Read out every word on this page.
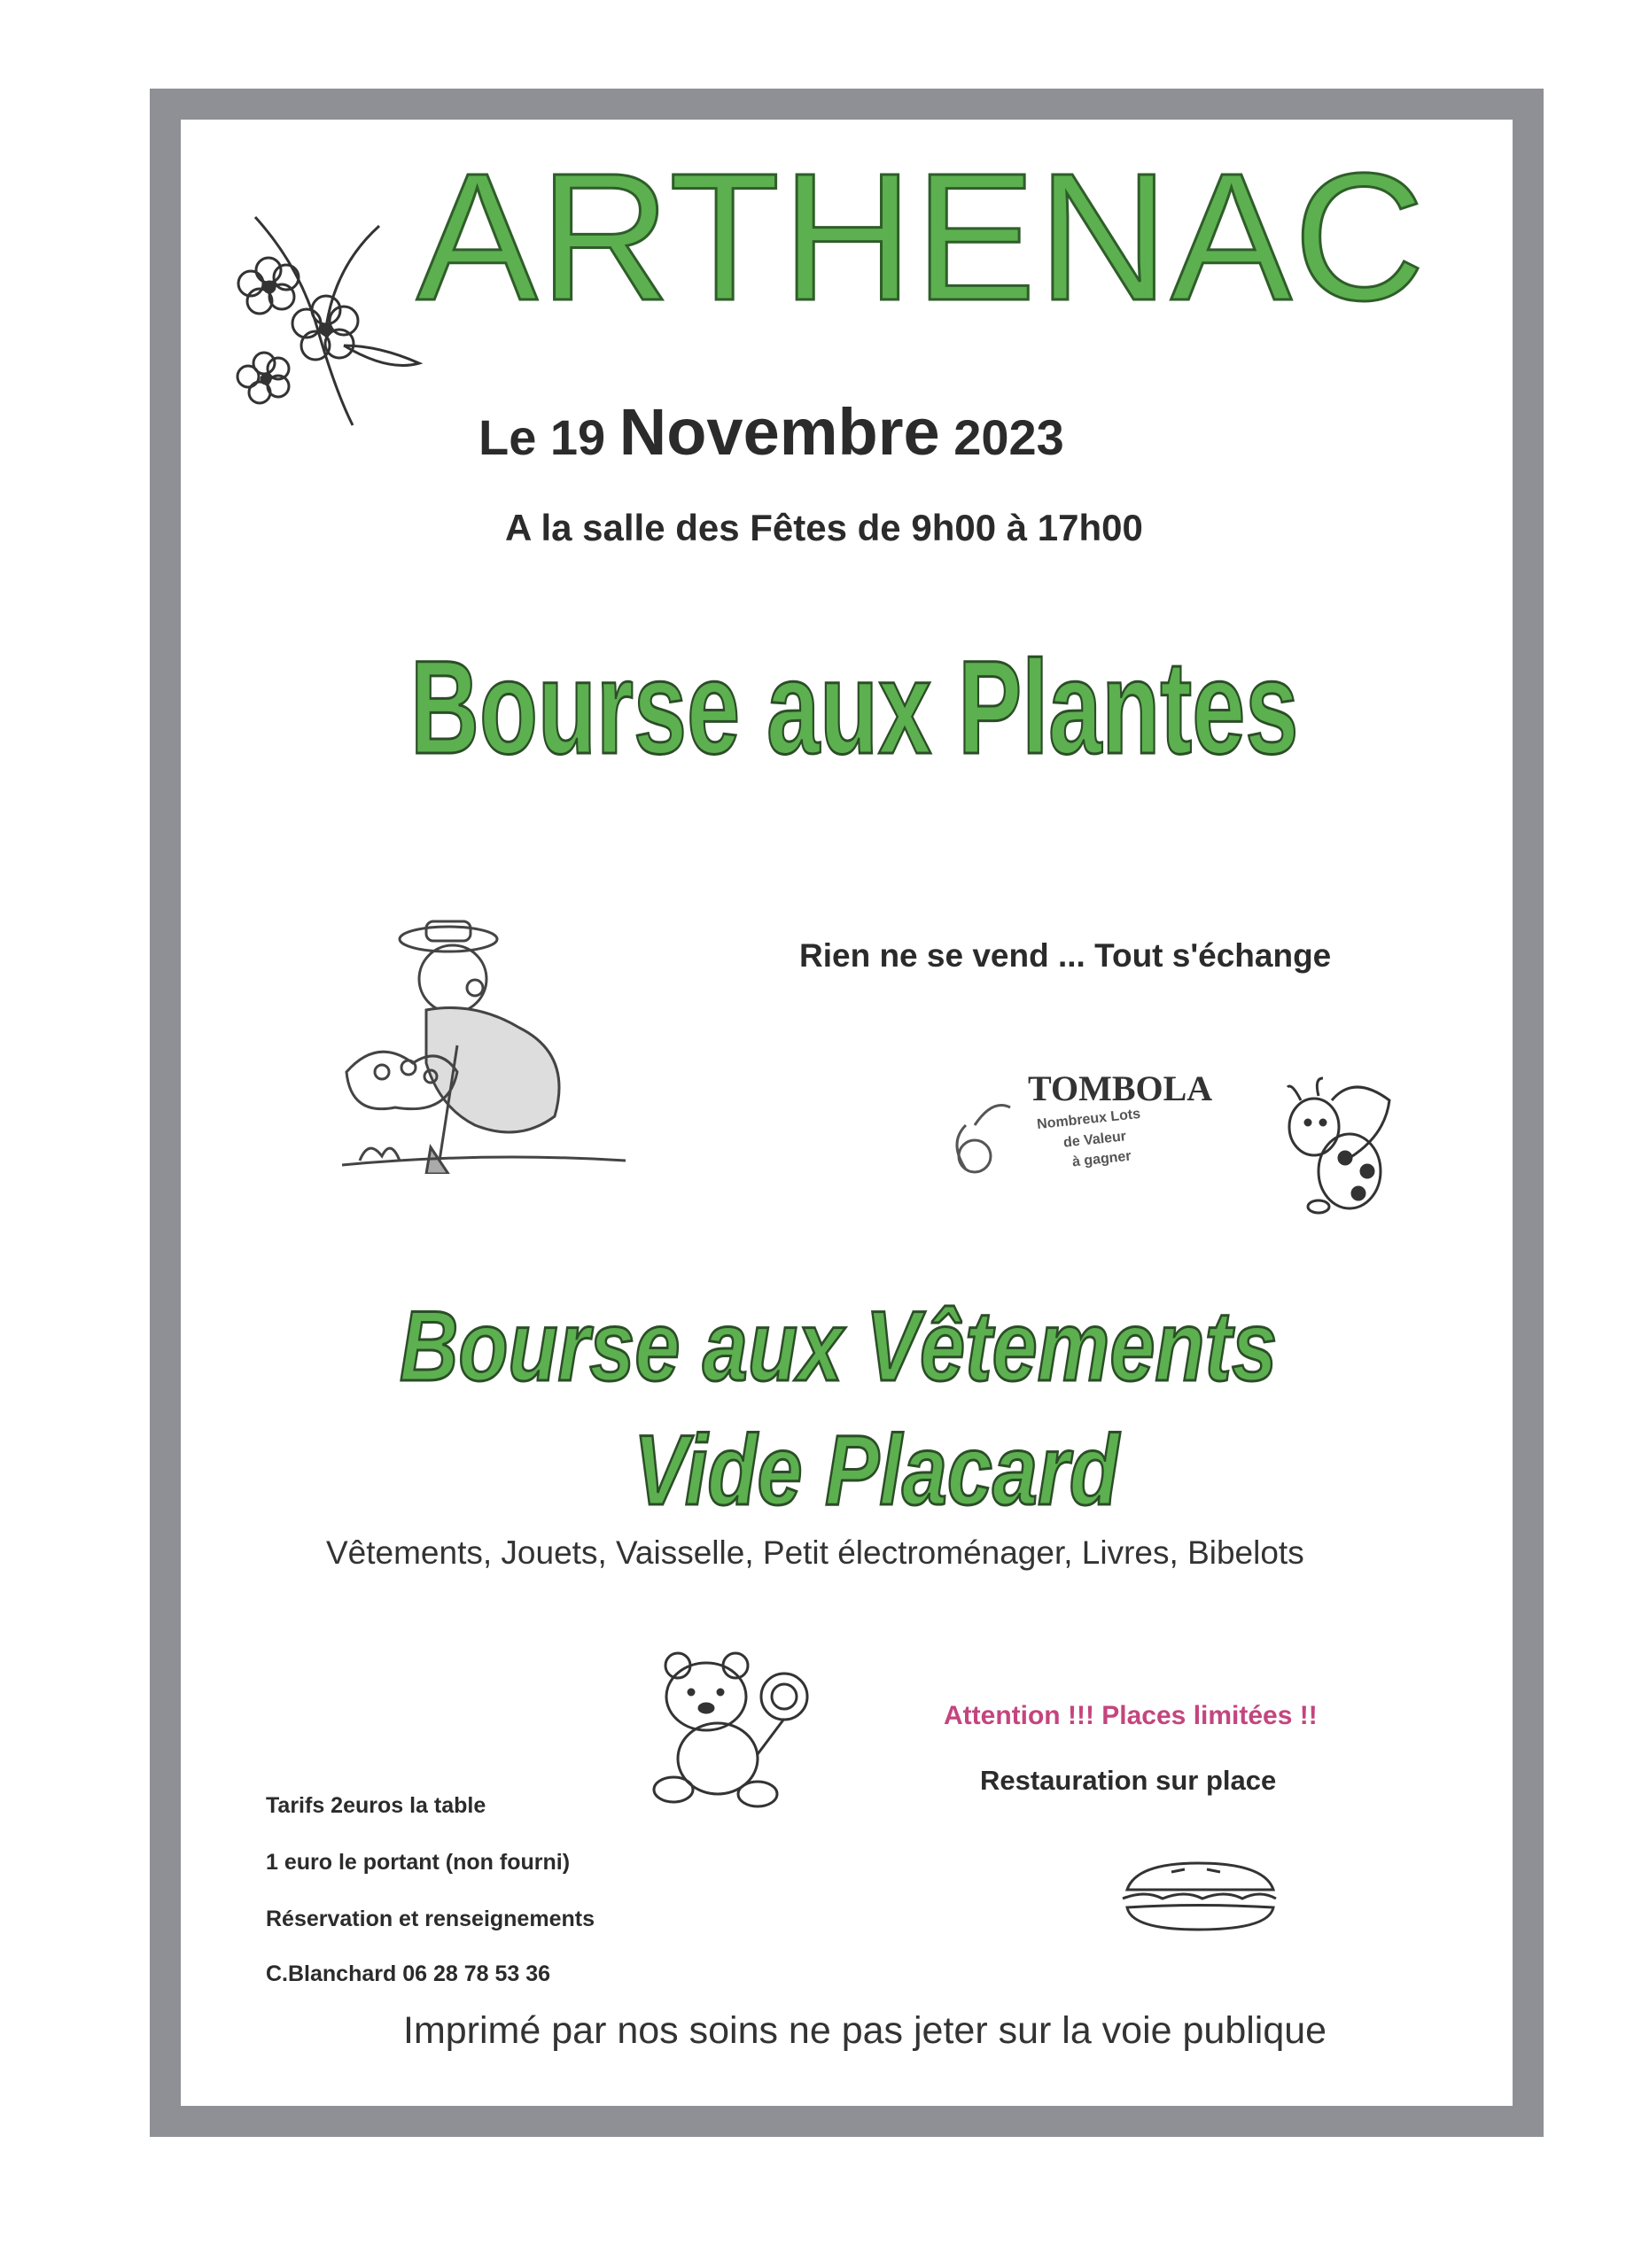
ARTHENAC
Le 19 Novembre 2023
A la salle des Fêtes de 9h00 à 17h00
Bourse aux Plantes
Rien ne se vend ... Tout s'échange
TOMBOLA
Nombreux Lots
de Valeur
à gagner
Bourse aux Vêtements
Vide Placard
Vêtements, Jouets, Vaisselle, Petit électroménager, Livres, Bibelots
Attention !!! Places limitées !!
Restauration sur place
Tarifs 2euros la table
1 euro le portant (non fourni)
Réservation et renseignements
C.Blanchard 06 28 78 53 36
Imprimé par nos soins ne pas jeter sur la voie publique
